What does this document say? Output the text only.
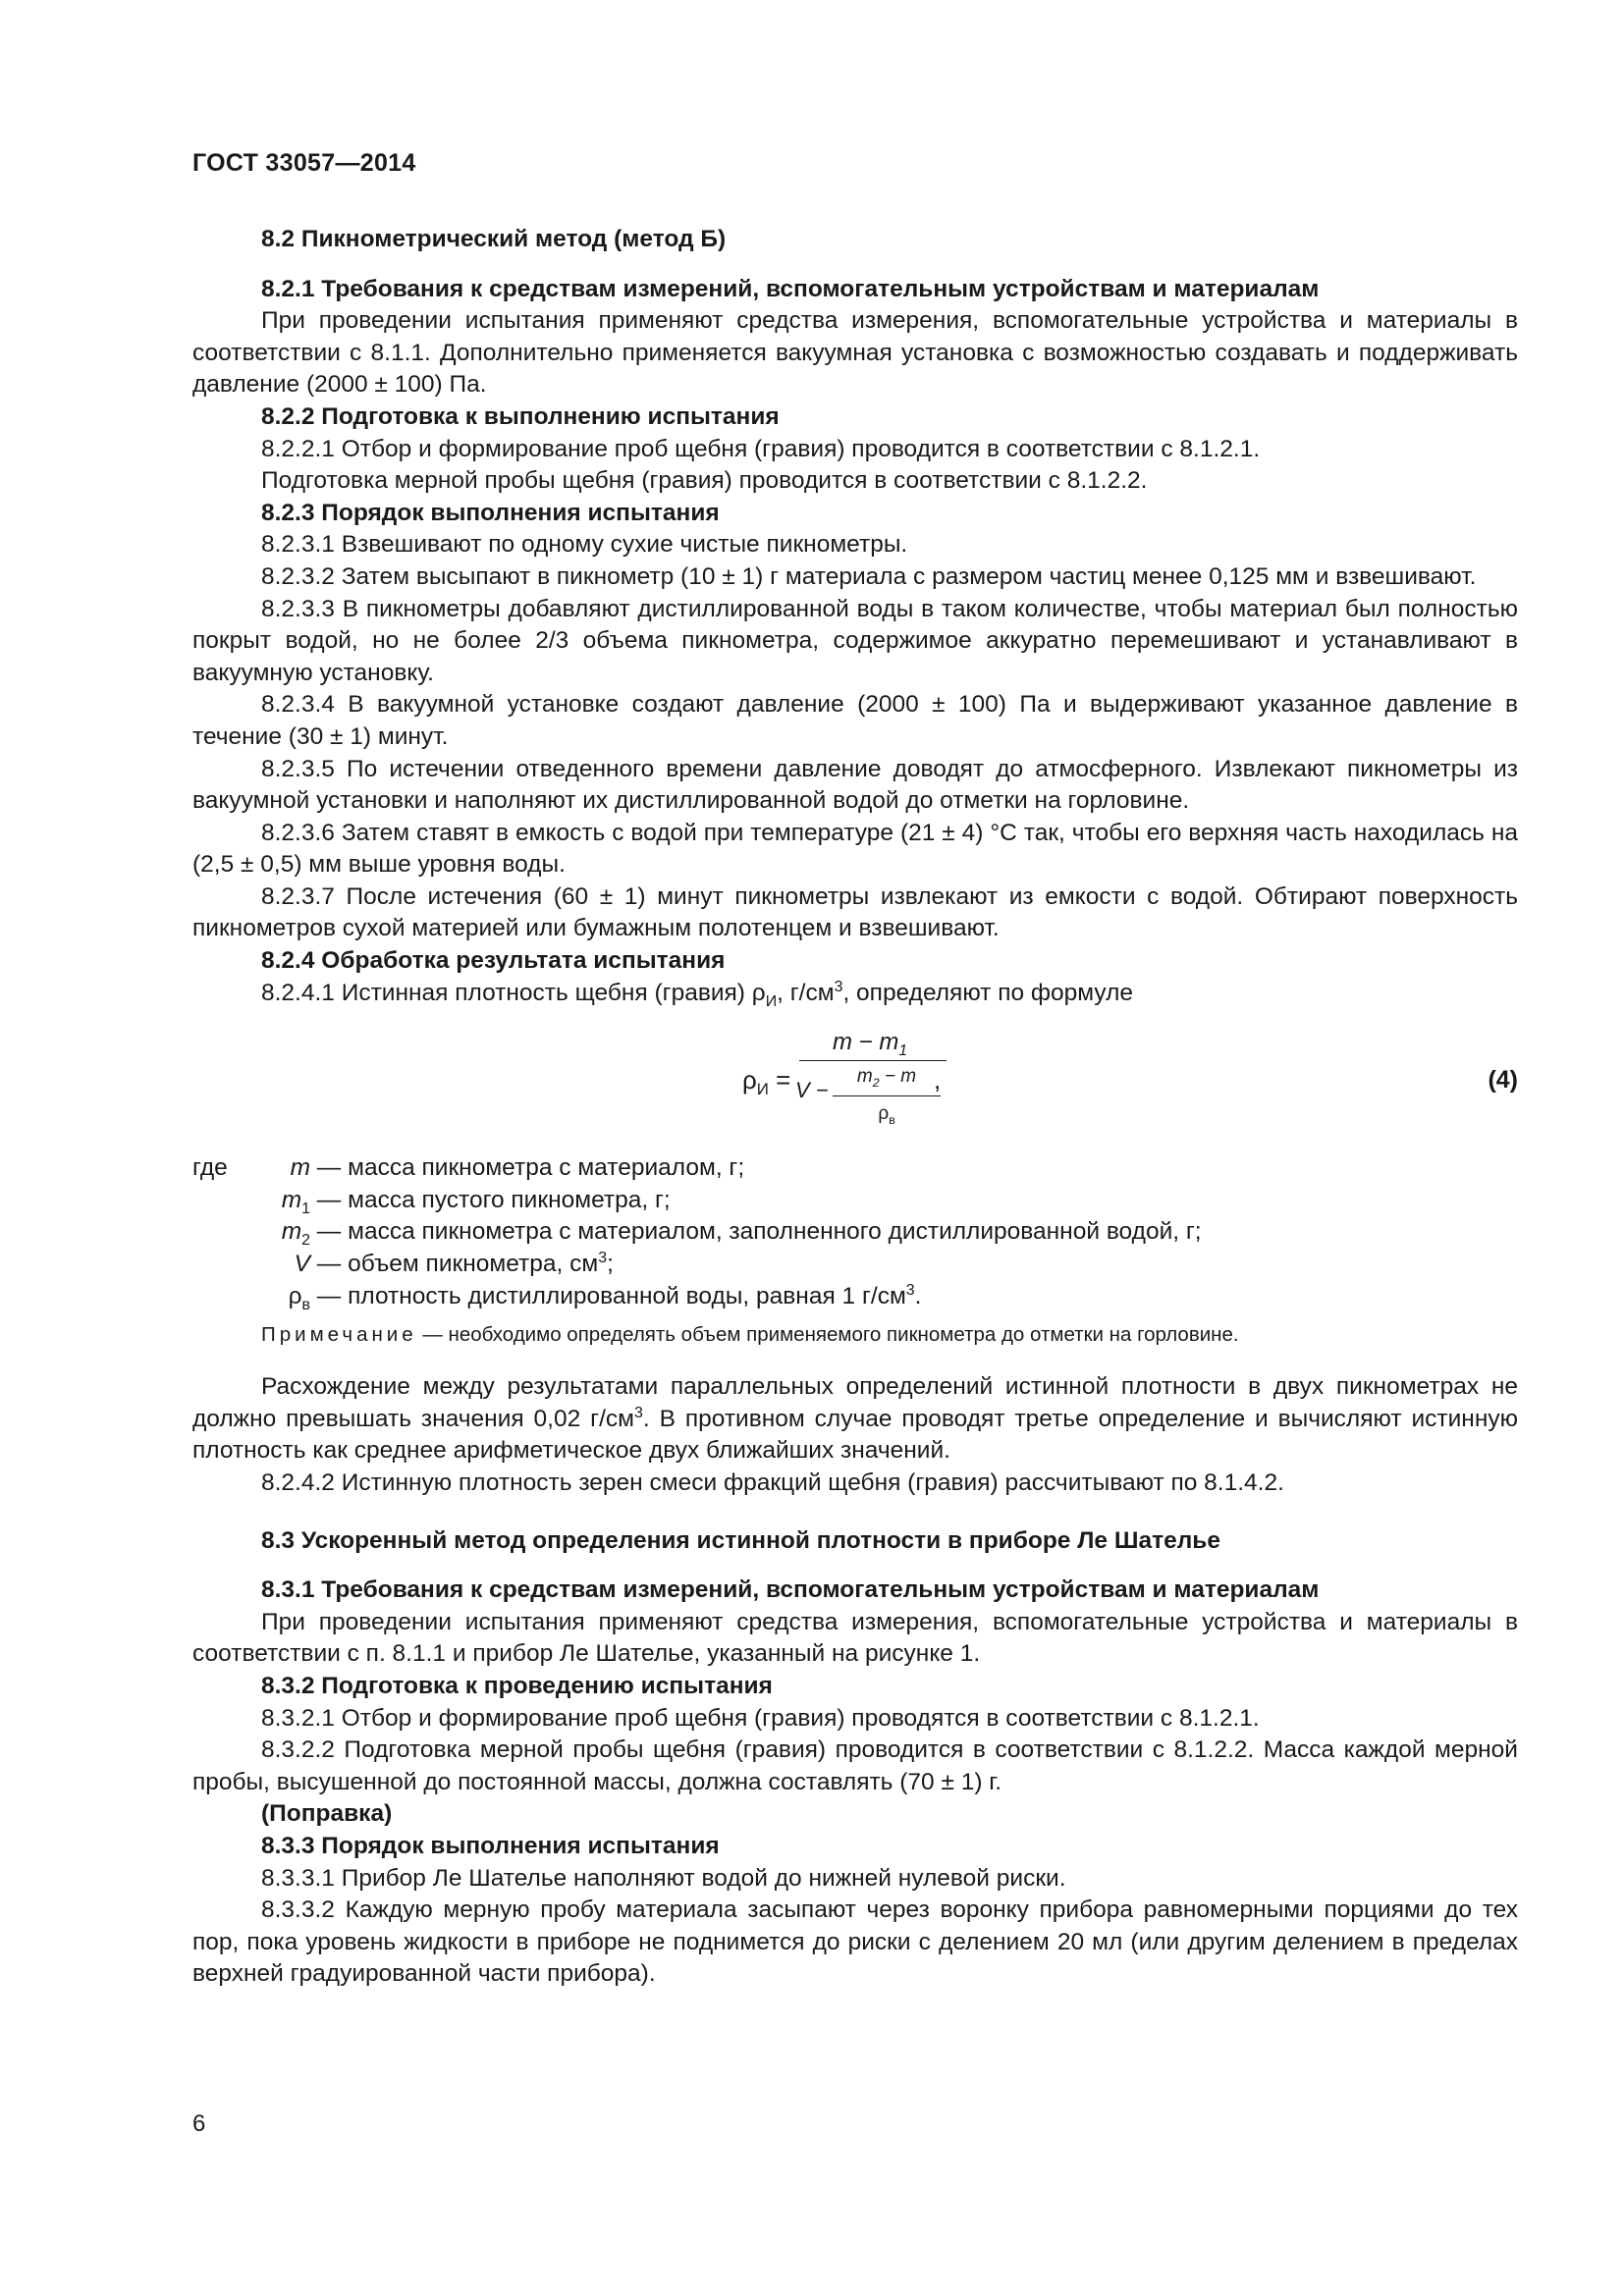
ГОСТ 33057—2014

8.2 Пикнометрический метод (метод Б)

8.2.1 Требования к средствам измерений, вспомогательным устройствам и материалам

При проведении испытания применяют средства измерения, вспомогательные устройства и материалы в соответствии с 8.1.1. Дополнительно применяется вакуумная установка с возможностью создавать и поддерживать давление (2000 ± 100) Па.

8.2.2 Подготовка к выполнению испытания

8.2.2.1 Отбор и формирование проб щебня (гравия) проводится в соответствии с 8.1.2.1.

Подготовка мерной пробы щебня (гравия) проводится в соответствии с 8.1.2.2.

8.2.3 Порядок выполнения испытания

8.2.3.1 Взвешивают по одному сухие чистые пикнометры.

8.2.3.2 Затем высыпают в пикнометр (10 ± 1) г материала с размером частиц менее 0,125 мм и взвешивают.

8.2.3.3 В пикнометры добавляют дистиллированной воды в таком количестве, чтобы материал был полностью покрыт водой, но не более 2/3 объема пикнометра, содержимое аккуратно перемешивают и устанавливают в вакуумную установку.

8.2.3.4 В вакуумной установке создают давление (2000 ± 100) Па и выдерживают указанное давление в течение (30 ± 1) минут.

8.2.3.5 По истечении отведенного времени давление доводят до атмосферного. Извлекают пикнометры из вакуумной установки и наполняют их дистиллированной водой до отметки на горловине.

8.2.3.6 Затем ставят в емкость с водой при температуре (21 ± 4) °С так, чтобы его верхняя часть находилась на (2,5 ± 0,5) мм выше уровня воды.

8.2.3.7 После истечения (60 ± 1) минут пикнометры извлекают из емкости с водой. Обтирают поверхность пикнометров сухой материей или бумажным полотенцем и взвешивают.

8.2.4 Обработка результата испытания

8.2.4.1 Истинная плотность щебня (гравия) $\rho_И$, $г/см^3$, определяют по формуле

$\rho_И$ =
$m - m_1$
V −
$m_2 - m$
$\rho_в$
,	(4)
где	m — масса пикнометра с материалом, г;
$m_1$ — масса пустого пикнометра, г;
$m_2$ — масса пикнометра с материалом, заполненного дистиллированной водой, г;
V — объем пикнометра, $см^3$;
$\rho_в$ — плотность дистиллированной воды, равная 1 $г/см^3$.

Примечание — необходимо определять объем применяемого пикнометра до отметки на горловине.

Расхождение между результатами параллельных определений истинной плотности в двух пикнометрах не должно превышать значения 0,02 $г/см^3$. В противном случае проводят третье определение и вычисляют истинную плотность как среднее арифметическое двух ближайших значений.

8.2.4.2 Истинную плотность зерен смеси фракций щебня (гравия) рассчитывают по 8.1.4.2.

8.3 Ускоренный метод определения истинной плотности в приборе Ле Шателье

8.3.1 Требования к средствам измерений, вспомогательным устройствам и материалам

При проведении испытания применяют средства измерения, вспомогательные устройства и материалы в соответствии с п. 8.1.1 и прибор Ле Шателье, указанный на рисунке 1.

8.3.2 Подготовка к проведению испытания

8.3.2.1 Отбор и формирование проб щебня (гравия) проводятся в соответствии с 8.1.2.1.

8.3.2.2 Подготовка мерной пробы щебня (гравия) проводится в соответствии с 8.1.2.2. Масса каждой мерной пробы, высушенной до постоянной массы, должна составлять (70 ± 1) г.

(Поправка)

8.3.3 Порядок выполнения испытания

8.3.3.1 Прибор Ле Шателье наполняют водой до нижней нулевой риски.

8.3.3.2 Каждую мерную пробу материала засыпают через воронку прибора равномерными порциями до тех пор, пока уровень жидкости в приборе не поднимется до риски с делением 20 мл (или другим делением в пределах верхней градуированной части прибора).

6
